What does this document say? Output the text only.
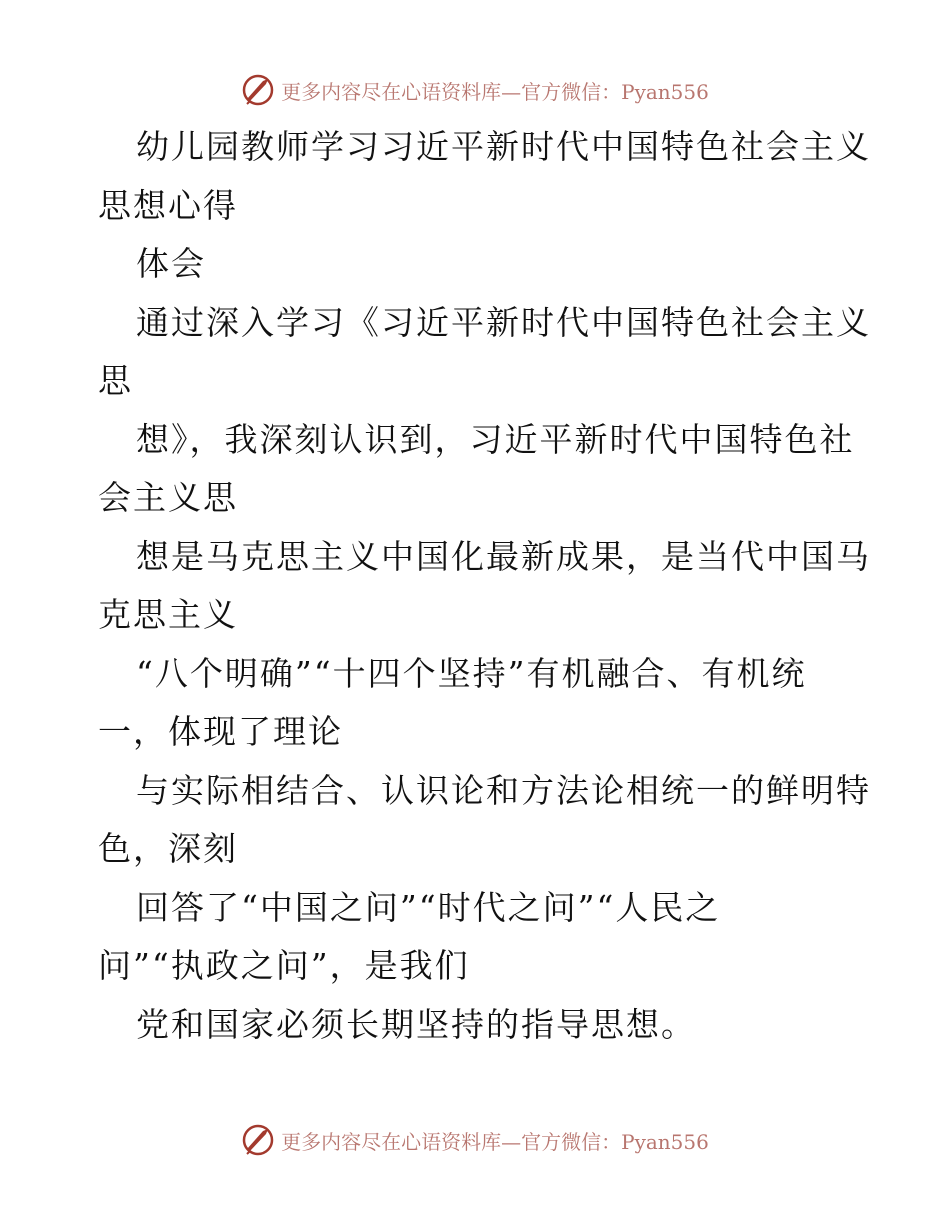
更多内容尽在心语资料库—官方微信：Pyan556
幼儿园教师学习习近平新时代中国特色社会主义
思想心得
体会
通过深入学习《习近平新时代中国特色社会主义
思
想》，我深刻认识到，习近平新时代中国特色社
会主义思
想是马克思主义中国化最新成果，是当代中国马
克思主义
“八个明确”“十四个坚持”有机融合、有机统
一，体现了理论
与实际相结合、认识论和方法论相统一的鲜明特
色，深刻
回答了“中国之问”“时代之问”“人民之
问”“执政之问”，是我们
党和国家必须长期坚持的指导思想。
更多内容尽在心语资料库—官方微信：Pyan556
